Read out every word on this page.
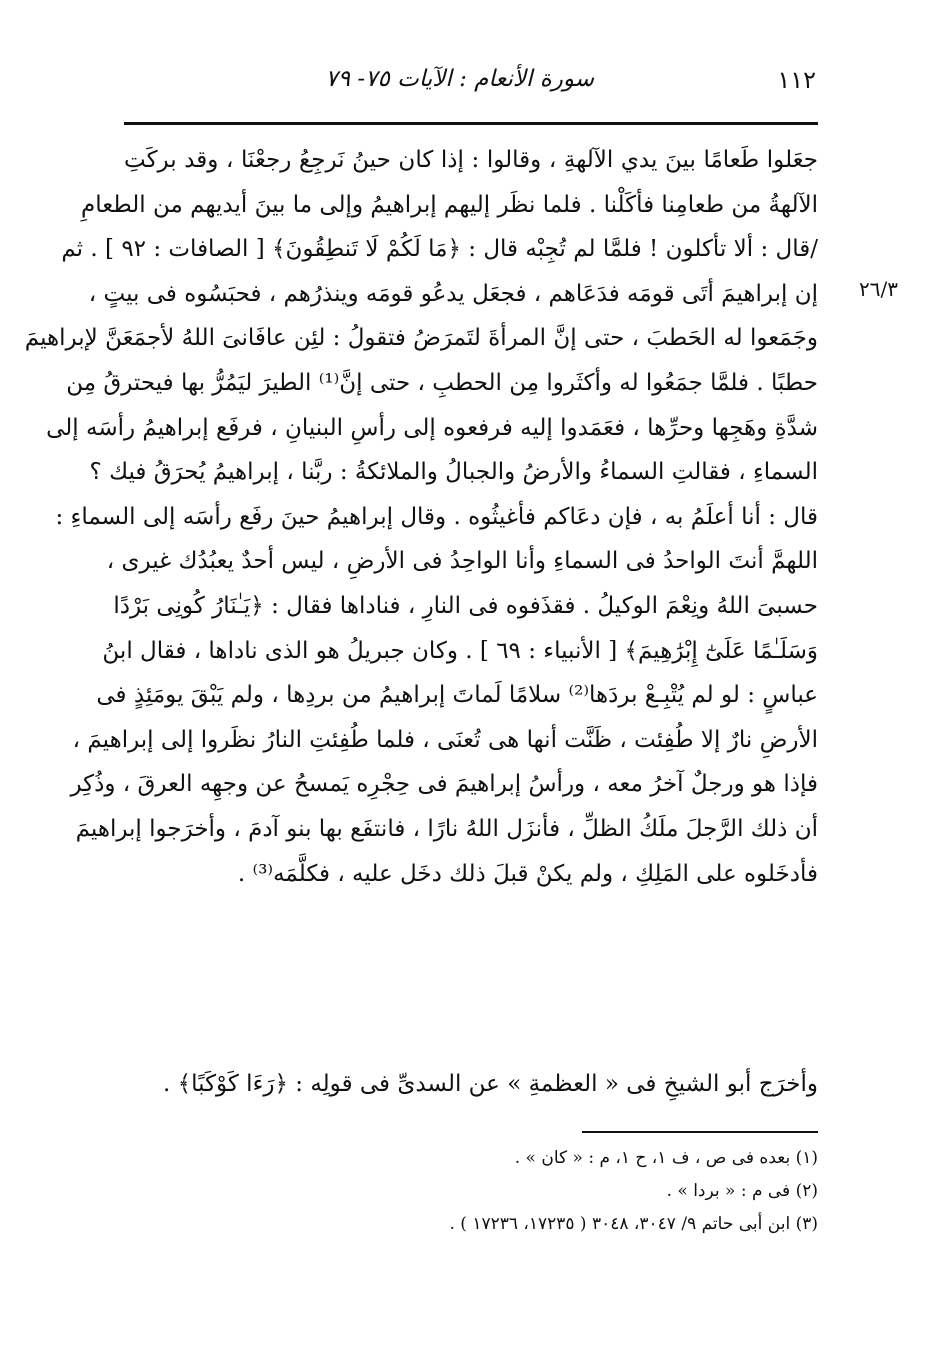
١١٢
سورة الأنعام : الآيات ٧٥- ٧٩
٢٦/٣
جعَلوا طَعامًا بينَ يدي الآلهةِ ، وقالوا : إذا كان حينُ نَرجِعُ رجعْنَا ، وقد بركَتِ
الآلهةُ من طعامِنا فأكَلْنا . فلما نظَر إليهم إبراهيمُ وإلى ما بينَ أيديهم من الطعامِ
/قال : ألا تأكلون ! فلمَّا لم تُجِبْه قال : ﴿مَا لَكُمْ لَا تَنطِقُونَ﴾ [ الصافات : ٩٢ ] . ثم
إن إبراهيمَ أتَى قومَه فدَعَاهم ، فجعَل يدعُو قومَه وينذرُهم ، فحبَسُوه فى بيتٍ ،
وجَمَعوا له الحَطبَ ، حتى إنَّ المرأةَ لتَمرَضُ فتقولُ : لئِن عافَانىَ اللهُ لأجمَعَنَّ لإبراهيمَ
حطبًا . فلمَّا جمَعُوا له وأكثَروا مِن الحطبِ ، حتى إنَّ⁽¹⁾ الطيرَ ليَمُرُّ بها فيحترقُ مِن
شدَّةِ وهَجِها وحرِّها ، فعَمَدوا إليه فرفعوه إلى رأسِ البنيانِ ، فرفَع إبراهيمُ رأسَه إلى
السماءِ ، فقالتِ السماءُ والأرضُ والجبالُ والملائكةُ : ربَّنا ، إبراهيمُ يُحرَقُ فيك ؟
قال : أنا أعلَمُ به ، فإن دعَاكم فأغيثُوه . وقال إبراهيمُ حينَ رفَع رأسَه إلى السماءِ :
اللهمَّ أنتَ الواحدُ فى السماءِ وأنا الواحِدُ فى الأرضِ ، ليس أحدٌ يعبُدُك غيرى ،
حسبىَ اللهُ ونِعْمَ الوكيلُ . فقذَفوه فى النارِ ، فناداها فقال : ﴿يَـٰنَارُ كُونِى بَرْدًا
وَسَلَـٰمًا عَلَىٰٓ إِبْرَٰهِيمَ﴾ [ الأنبياء : ٦٩ ] . وكان جبريلُ هو الذى ناداها ، فقال ابنُ
عباسٍ : لو لم يُتْبِـعْ بردَها⁽²⁾ سلامًا لَماتَ إبراهيمُ من بردِها ، ولم يَبْقَ يومَئِذٍ فى
الأرضِ نارٌ إلا طُفِئت ، ظَنَّت أنها هى تُعنَى ، فلما طُفِئتِ النارُ نظَروا إلى إبراهيمَ ،
فإذا هو ورجلٌ آخرُ معه ، ورأسُ إبراهيمَ فى حِجْرِه يَمسحُ عن وجهِه العرقَ ، وذُكِر
أن ذلك الرَّجلَ ملَكُ الظلِّ ، فأنزَل اللهُ نارًا ، فانتفَع بها بنو آدمَ ، وأخرَجوا إبراهيمَ
فأدخَلوه على المَلِكِ ، ولم يكنْ قبلَ ذلك دخَل عليه ، فكلَّمَه⁽³⁾ .
وأخرَج أبو الشيخِ فى « العظمةِ » عن السدىِّ فى قولِه : ﴿رَءَا كَوْكَبًا﴾ .
(١) بعده فى ص ، ف ١، ح ١، م : « كان » .
(٢) فى م : « بردا » .
(٣) ابن أبى حاتم ٩/ ٣٠٤٧، ٣٠٤٨ ( ١٧٢٣٥، ١٧٢٣٦ ) .
